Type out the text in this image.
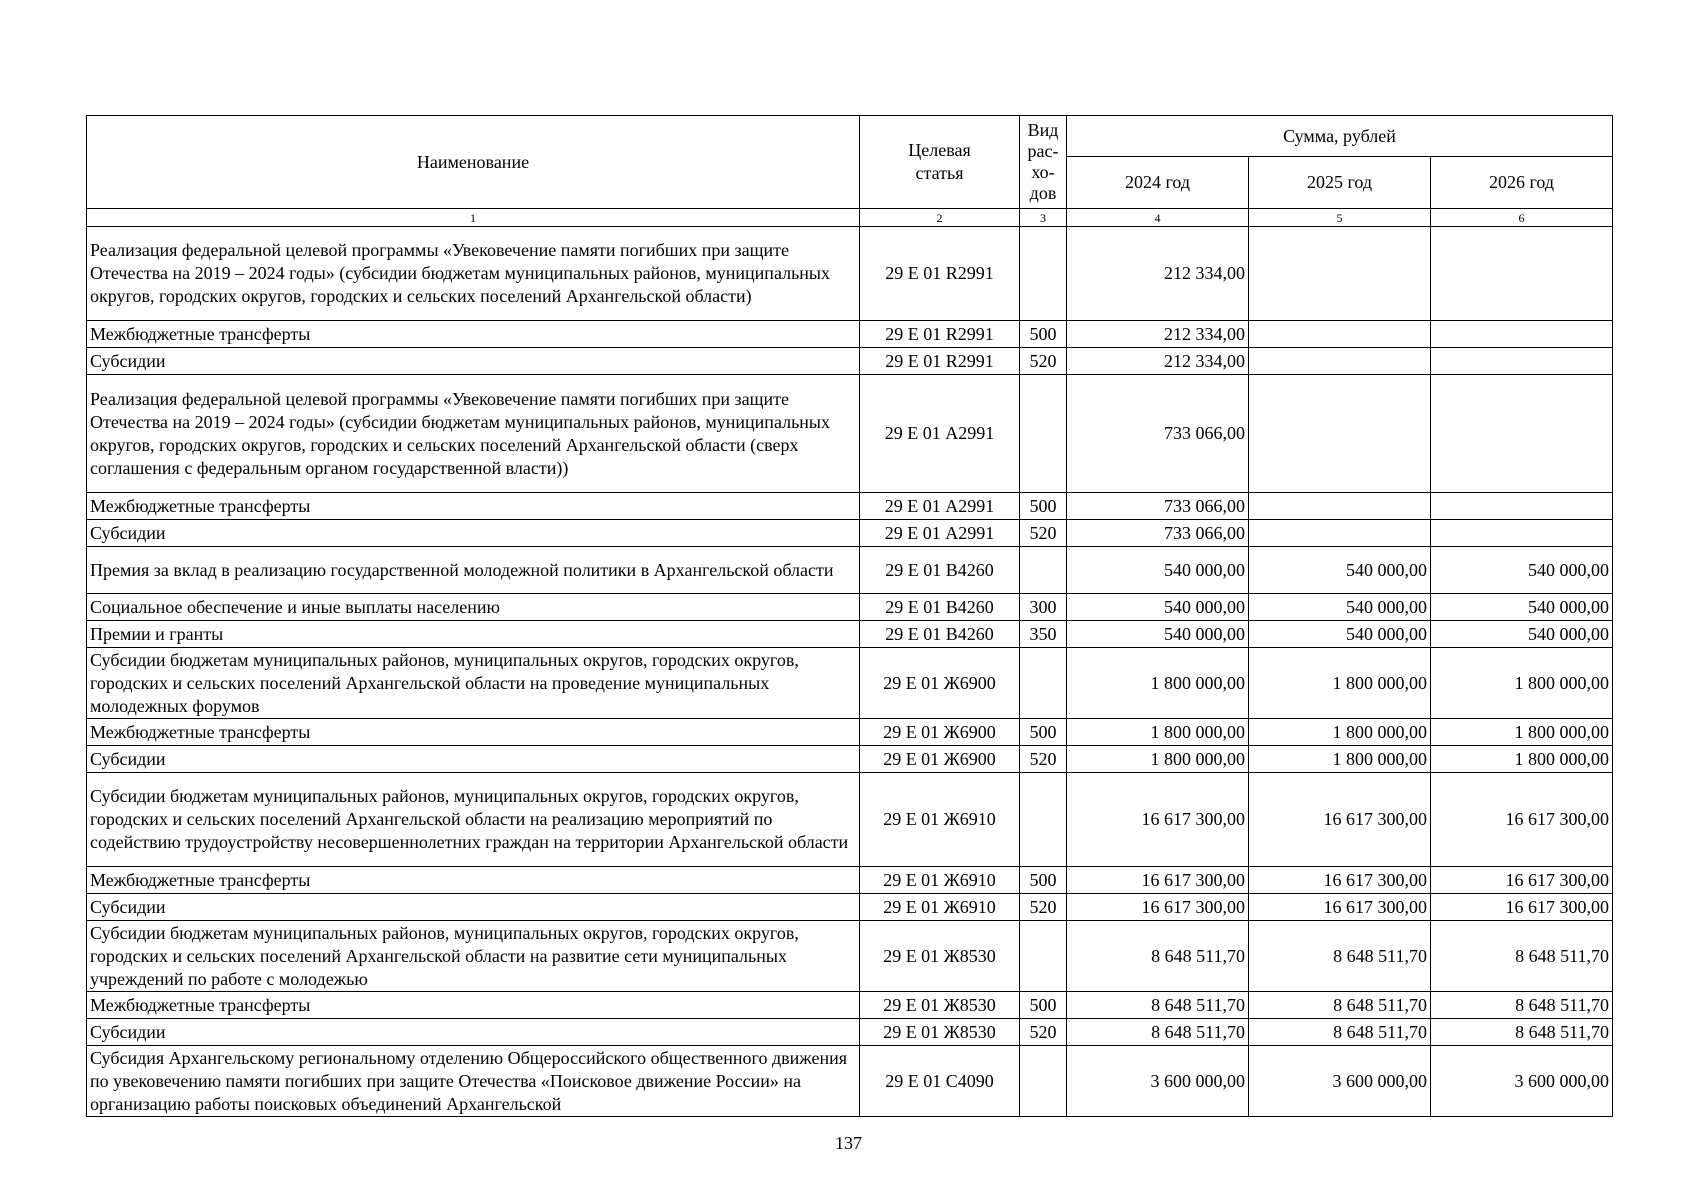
Наименование	Целевая статья	Вид рас-хо-дов	Сумма, рублей		
			2024 год	2025 год	2026 год
1	2	3	4	5	6
Реализация федеральной целевой программы «Увековечение памяти погибших при защите Отечества на 2019 – 2024 годы» (субсидии бюджетам муниципальных районов, муниципальных округов, городских округов, городских и сельских поселений Архангельской области)	29 Е 01 R2991		212 334,00		
Межбюджетные трансферты	29 Е 01 R2991	500	212 334,00		
Субсидии	29 Е 01 R2991	520	212 334,00		
Реализация федеральной целевой программы «Увековечение памяти погибших при защите Отечества на 2019 – 2024 годы» (субсидии бюджетам муниципальных районов, муниципальных округов, городских округов, городских и сельских поселений Архангельской области (сверх соглашения с федеральным органом государственной власти))	29 Е 01 А2991		733 066,00		
Межбюджетные трансферты	29 Е 01 А2991	500	733 066,00		
Субсидии	29 Е 01 А2991	520	733 066,00		
Премия за вклад в реализацию государственной молодежной политики в Архангельской области	29 Е 01 В4260		540 000,00	540 000,00	540 000,00
Социальное обеспечение и иные выплаты населению	29 Е 01 В4260	300	540 000,00	540 000,00	540 000,00
Премии и гранты	29 Е 01 В4260	350	540 000,00	540 000,00	540 000,00
Субсидии бюджетам муниципальных районов, муниципальных округов, городских округов, городских и сельских поселений Архангельской области на проведение муниципальных молодежных форумов	29 Е 01 Ж6900		1 800 000,00	1 800 000,00	1 800 000,00
Межбюджетные трансферты	29 Е 01 Ж6900	500	1 800 000,00	1 800 000,00	1 800 000,00
Субсидии	29 Е 01 Ж6900	520	1 800 000,00	1 800 000,00	1 800 000,00
Субсидии бюджетам муниципальных районов, муниципальных округов, городских округов, городских и сельских поселений Архангельской области на реализацию мероприятий по содействию трудоустройству несовершеннолетних граждан на территории Архангельской области	29 Е 01 Ж6910		16 617 300,00	16 617 300,00	16 617 300,00
Межбюджетные трансферты	29 Е 01 Ж6910	500	16 617 300,00	16 617 300,00	16 617 300,00
Субсидии	29 Е 01 Ж6910	520	16 617 300,00	16 617 300,00	16 617 300,00
Субсидии бюджетам муниципальных районов, муниципальных округов, городских округов, городских и сельских поселений Архангельской области на развитие сети муниципальных учреждений по работе с молодежью	29 Е 01 Ж8530		8 648 511,70	8 648 511,70	8 648 511,70
Межбюджетные трансферты	29 Е 01 Ж8530	500	8 648 511,70	8 648 511,70	8 648 511,70
Субсидии	29 Е 01 Ж8530	520	8 648 511,70	8 648 511,70	8 648 511,70
Субсидия Архангельскому региональному отделению Общероссийского общественного движения по увековечению памяти погибших при защите Отечества «Поисковое движение России» на организацию работы поисковых объединений Архангельской	29 Е 01 С4090		3 600 000,00	3 600 000,00	3 600 000,00
137
